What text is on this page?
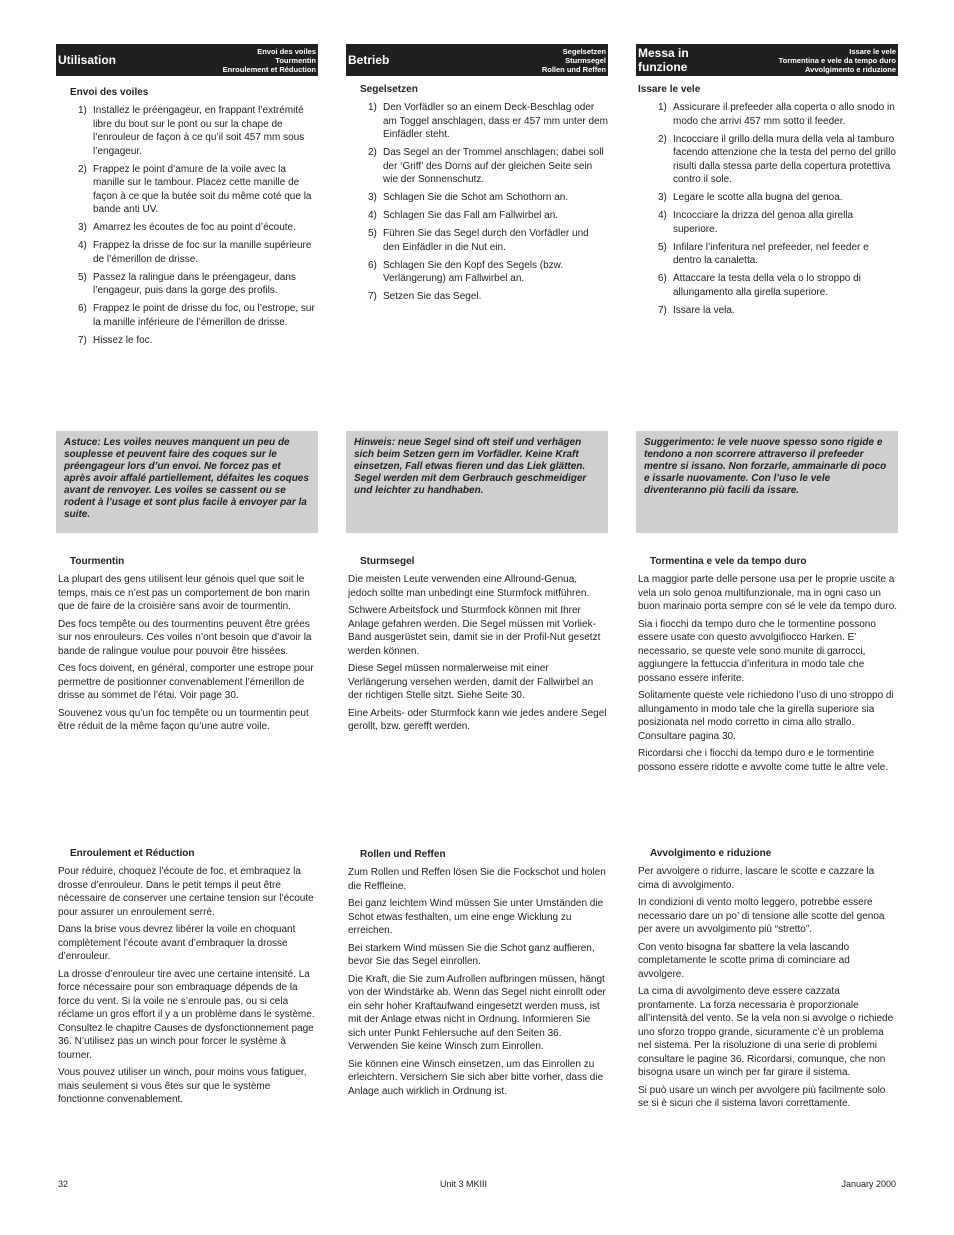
Utilisation
Envoi des voiles
Tourmentin
Enroulement et Réduction
Betrieb
Segelsetzen
Sturmsegel
Rollen und Reffen
Messa in funzione
Issare le vele
Tormentina e vele da tempo duro
Avvolgimento e riduzione
Envoi des voiles
1) Installez le préengageur, en frappant l’extrémité libre du bout sur le pont ou sur la chape de l’enrouleur de façon à ce qu’il soit 457 mm sous l’engageur.
2) Frappez le point d’amure de la voile avec la manille sur le tambour. Placez cette manille de façon à ce que la butée soit du même coté que la bande anti UV.
3) Amarrez les écoutes de foc au point d’écoute.
4) Frappez la drisse de foc sur la manille supérieure de l’émerillon de drisse.
5) Passez la ralingue dans le préengageur, dans l’engageur, puis dans la gorge des profils.
6) Frappez le point de drisse du foc, ou l’estrope, sur la manille inférieure de l’émerillon de drisse.
7) Hissez le foc.
Segelsetzen
1) Den Vorfädler so an einem Deck-Beschlag oder am Toggel anschlagen, dass er 457 mm unter dem Einfädler steht.
2) Das Segel an der Trommel anschlagen; dabei soll der ‘Griff’ des Dorns auf der gleichen Seite sein wie der Sonnenschutz.
3) Schlagen Sie die Schot am Schothorn an.
4) Schlagen Sie das Fall am Fallwirbel an.
5) Führen Sie das Segel durch den Vorfädler und den Einfädler in die Nut ein.
6) Schlagen Sie den Kopf des Segels (bzw. Verlängerung) am Fallwirbel an.
7) Setzen Sie das Segel.
Issare le vele
1) Assicurare il prefeeder alla coperta o allo snodo in modo che arrivi 457 mm sotto il feeder.
2) Incocciare il grillo della mura della vela al tamburo facendo attenzione che la testa del perno del grillo risulti dalla stessa parte della copertura protettiva contro il sole.
3) Legare le scotte alla bugna del genoa.
4) Incocciare la drizza del genoa alla girella superiore.
5) Infilare l’inferitura nel prefeeder, nel feeder e dentro la canaletta.
6) Attaccare la testa della vela o lo stroppo di allungamento alla girella superiore.
7) Issare la vela.
Astuce: Les voiles neuves manquent un peu de souplesse et peuvent faire des coques sur le préengageur lors d’un envoi. Ne forcez pas et après avoir affalé partiellement, défaites les coques avant de renvoyer. Les voiles se cassent ou se rodent à l’usage et sont plus facile à envoyer par la suite.
Hinweis: neue Segel sind oft steif und verhägen sich beim Setzen gern im Vorfädler. Keine Kraft einsetzen, Fall etwas fieren und das Liek glätten. Segel werden mit dem Gerbrauch geschmeidiger und leichter zu handhaben.
Suggerimento: le vele nuove spesso sono rigide e tendono a non scorrere attraverso il prefeeder mentre si issano. Non forzarle, ammainarle di poco e issarle nuovamente. Con l’uso le vele diventeranno più facili da issare.
Tourmentin

La plupart des gens utilisent leur génois quel que soit le temps, mais ce n’est pas un comportement de bon marin que de faire de la croisière sans avoir de tourmentin.

Des focs tempête ou des tourmentins peuvent être grées sur nos enrouleurs. Ces voiles n’ont besoin que d’avoir la bande de ralingue voulue pour pouvoir être hissées.

Ces focs doivent, en général, comporter une estrope pour permettre de positionner convenablement l’émerillon de drisse au sommet de l’étai. Voir page 30.

Souvenez vous qu’un foc tempête ou un tourmentin peut être réduit de la même façon qu’une autre voile.

Sturmsegel

Die meisten Leute verwenden eine Allround-Genua, jedoch sollte man unbedingt eine Sturmfock mitführen.

Schwere Arbeitsfock und Sturmfock können mit Ihrer Anlage gefahren werden. Die Segel müssen mit Vorliek-Band ausgerüstet sein, damit sie in der Profil-Nut gesetzt werden können.

Diese Segel müssen normalerweise mit einer Verlängerung versehen werden, damit der Fallwirbel an der richtigen Stelle sitzt. Siehe Seite 30.

Eine Arbeits- oder Sturmfock kann wie jedes andere Segel gerollt, bzw. gerefft werden.

Tormentina e vele da tempo duro

La maggior parte delle persone usa per le proprie uscite a vela un solo genoa multifunzionale, ma in ogni caso un buon marinaio porta sempre con sé le vele da tempo duro.

Sia i fiocchi da tempo duro che le tormentine possono essere usate con questo avvolgifiocco Harken. E’ necessario, se queste vele sono munite di garrocci, aggiungere la fettuccia d’inferitura in modo tale che possano essere inferite.

Solitamente queste vele richiedono l’uso di uno stroppo di allungamento in modo tale che la girella superiore sia posizionata nel modo corretto in cima allo strallo. Consultare pagina 30.

Ricordarsi che i fiocchi da tempo duro e le tormentine possono essere ridotte e avvolte come tutte le altre vele.

Enroulement et Réduction

Pour réduire, choquez l’écoute de foc, et embraquez la drosse d’enrouleur. Dans le petit temps il peut être nécessaire de conserver une certaine tension sur l’écoute pour assurer un enroulement serré.

Dans la brise vous devrez libérer la voile en choquant complètement l’écoute avant d’embraquer la drosse d’enrouleur.

La drosse d’enrouleur tire avec une certaine intensité. La force nécessaire pour son embraquage dépends de la force du vent. Si la voile ne s’enroule pas, ou si cela réclame un gros effort il y a un problème dans le système. Consultez le chapitre Causes de dysfonctionnement page 36. N’utilisez pas un winch pour forcer le système à tourner.

Vous pouvez utiliser un winch, pour moins vous fatiguer, mais seulement si vous êtes sur que le système fonctionne convenablement.

Rollen und Reffen

Zum Rollen und Reffen lösen Sie die Fockschot und holen die Reffleine.

Bei ganz leichtem Wind müssen Sie unter Umständen die Schot etwas festhalten, um eine enge Wicklung zu erreichen.

Bei starkem Wind müssen Sie die Schot ganz auffieren, bevor Sie das Segel einrollen.

Die Kraft, die Sie zum Aufrollen aufbringen müssen, hängt von der Windstärke ab. Wenn das Segel nicht einrollt oder ein sehr hoher Kraftaufwand eingesetzt werden muss, ist mit der Anlage etwas nicht in Ordnung. Informieren Sie sich unter Punkt Fehlersuche auf den Seiten 36. Verwenden Sie keine Winsch zum Einrollen.

Sie können eine Winsch einsetzen, um das Einrollen zu erleichtern. Versichern Sie sich aber bitte vorher, dass die Anlage auch wirklich in Ordnung ist.

Avvolgimento e riduzione

Per avvolgere o ridurre, lascare le scotte e cazzare la cima di avvolgimento.

In condizioni di vento molto leggero, potrebbe essere necessario dare un po’ di tensione alle scotte del genoa per avere un avvolgimento più “stretto”.

Con vento bisogna far sbattere la vela lascando completamente le scotte prima di cominciare ad avvolgere.

La cima di avvolgimento deve essere cazzata prontamente. La forza necessaria è proporzionale all’intensità del vento. Se la vela non si avvolge o richiede uno sforzo troppo grande, sicuramente c’è un problema nel sistema. Per la risoluzione di una serie di problemi consultare le pagine 36. Ricordarsi, comunque, che non bisogna usare un winch per far girare il sistema.

Si può usare un winch per avvolgere più facilmente solo se si è sicuri che il sistema lavori correttamente.

32	Unit 3 MKIII	January 2000
